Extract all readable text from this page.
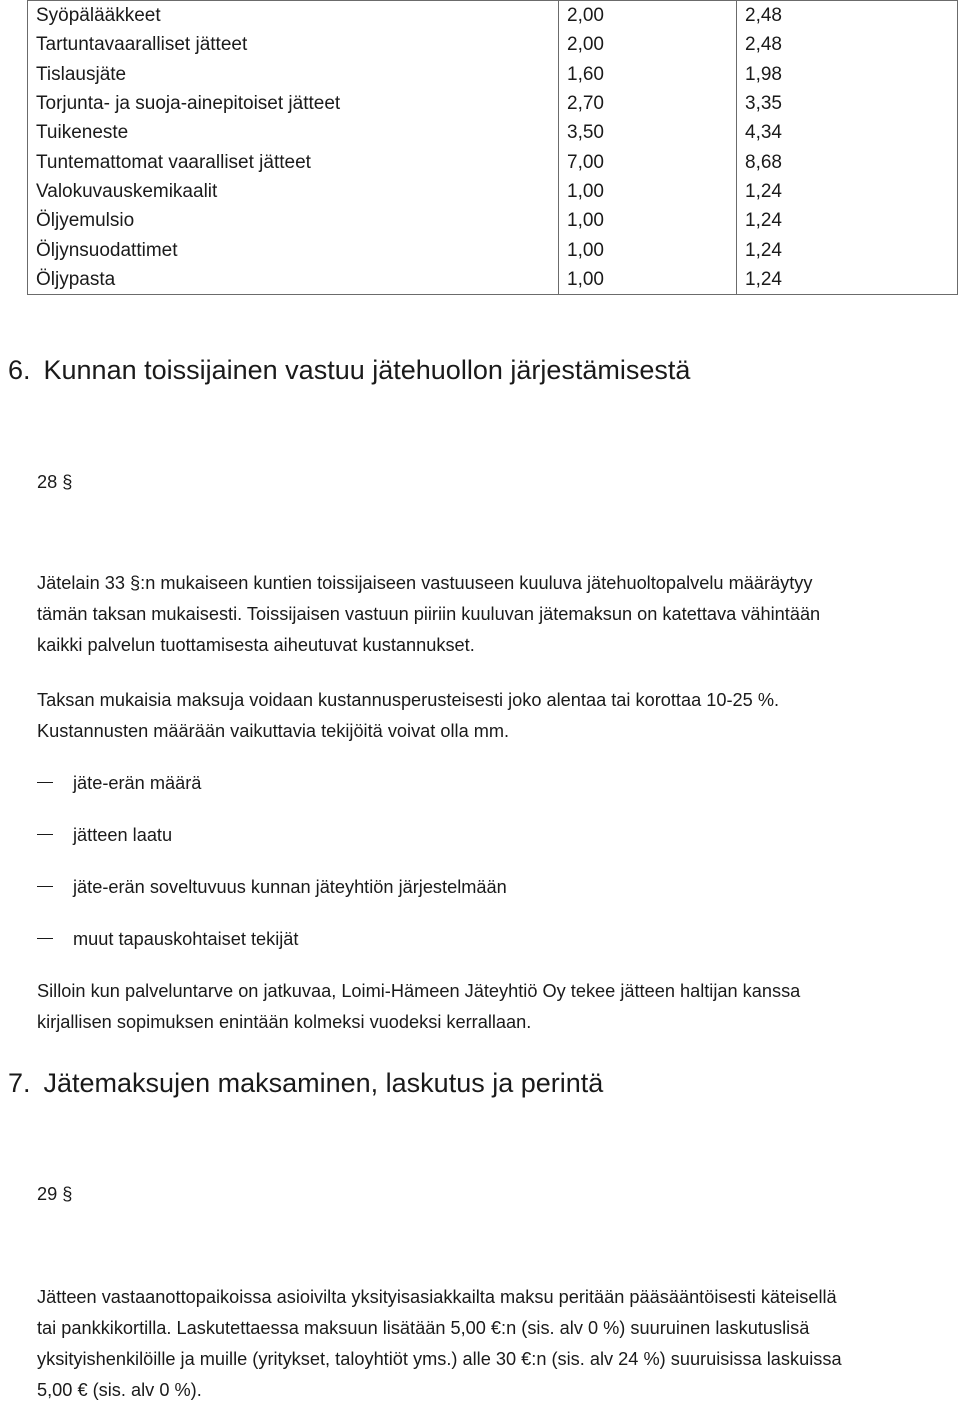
Syöpälääkkeet	2,00	2,48
Tartuntavaaralliset jätteet	2,00	2,48
Tislausjäte	1,60	1,98
Torjunta- ja suoja-ainepitoiset jätteet	2,70	3,35
Tuikeneste	3,50	4,34
Tuntemattomat vaaralliset jätteet	7,00	8,68
Valokuvauskemikaalit	1,00	1,24
Öljyemulsio	1,00	1,24
Öljynsuodattimet	1,00	1,24
Öljypasta	1,00	1,24
6. Kunnan toissijainen vastuu jätehuollon järjestämisestä
28 §

Jätelain 33 §:n mukaiseen kuntien toissijaiseen vastuuseen kuuluva jätehuoltopalvelu määräytyy
tämän taksan mukaisesti. Toissijaisen vastuun piiriin kuuluvan jätemaksun on katettava vähintään
kaikki palvelun tuottamisesta aiheutuvat kustannukset.

Taksan mukaisia maksuja voidaan kustannusperusteisesti joko alentaa tai korottaa 10-25 %.
Kustannusten määrään vaikuttavia tekijöitä voivat olla mm.

jäte-erän määrä
jätteen laatu
jäte-erän soveltuvuus kunnan jäteyhtiön järjestelmään
muut tapauskohtaiset tekijät

Silloin kun palveluntarve on jatkuvaa, Loimi-Hämeen Jäteyhtiö Oy tekee jätteen haltijan kanssa
kirjallisen sopimuksen enintään kolmeksi vuodeksi kerrallaan.

7. Jätemaksujen maksaminen, laskutus ja perintä
29 §

Jätteen vastaanottopaikoissa asioivilta yksityisasiakkailta maksu peritään pääsääntöisesti käteisellä
tai pankkikortilla. Laskutettaessa maksuun lisätään 5,00 €:n (sis. alv 0 %) suuruinen laskutuslisä
yksityishenkilöille ja muille (yritykset, taloyhtiöt yms.) alle 30 €:n (sis. alv 24 %) suuruisissa laskuissa
5,00 € (sis. alv 0 %).
